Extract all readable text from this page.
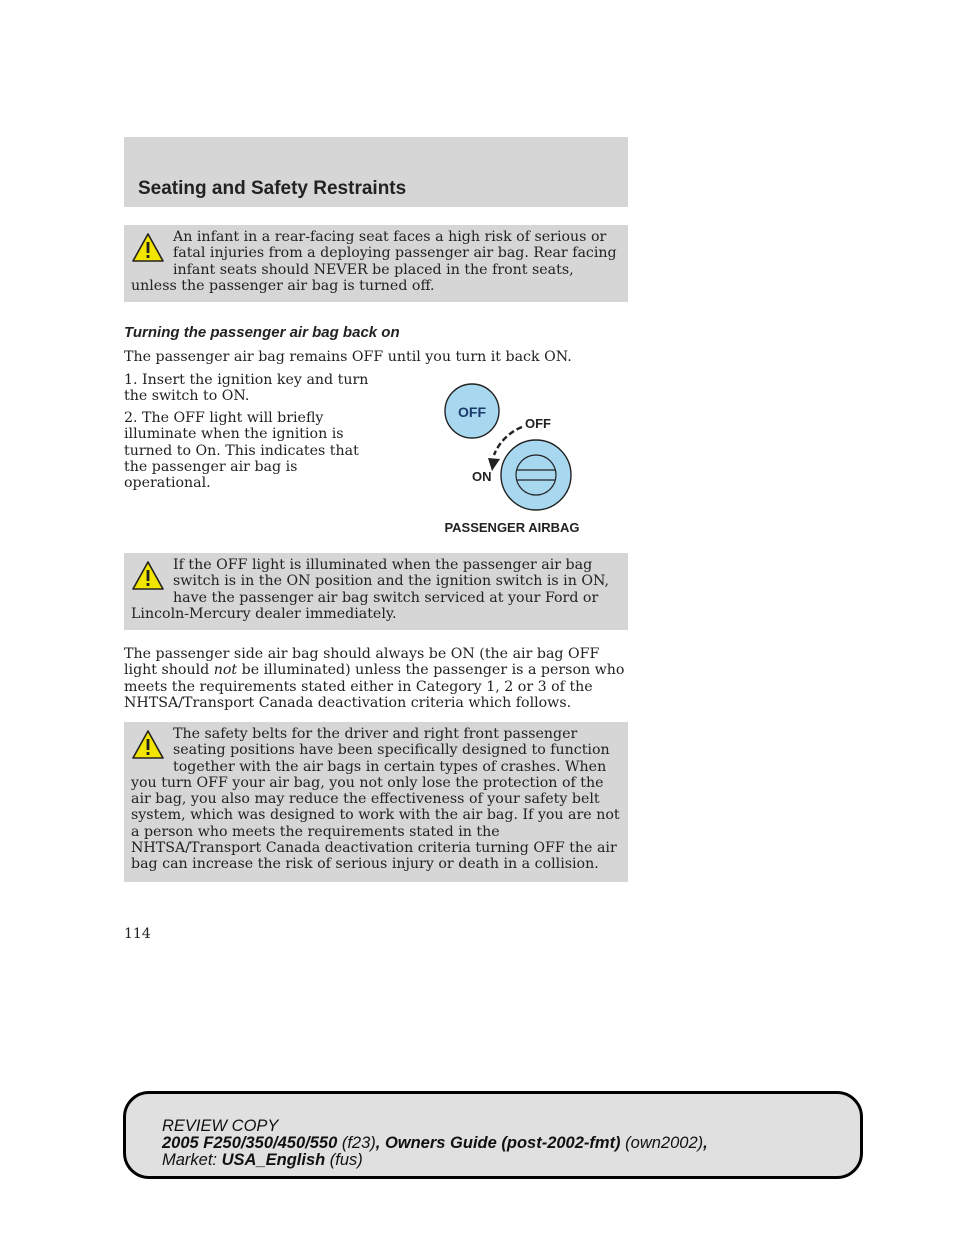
Seating and Safety Restraints
An infant in a rear-facing seat faces a high risk of serious or fatal injuries from a deploying passenger air bag. Rear facing infant seats should NEVER be placed in the front seats, unless the passenger air bag is turned off.
Turning the passenger air bag back on

The passenger air bag remains OFF until you turn it back ON.

1. Insert the ignition key and turn the switch to ON.

2. The OFF light will briefly illuminate when the ignition is turned to On. This indicates that the passenger air bag is operational.

OFF
OFF
ON
PASSENGER AIRBAG
If the OFF light is illuminated when the passenger air bag switch is in the ON position and the ignition switch is in ON, have the passenger air bag switch serviced at your Ford or Lincoln-Mercury dealer immediately.

The passenger side air bag should always be ON (the air bag OFF light should not be illuminated) unless the passenger is a person who meets the requirements stated either in Category 1, 2 or 3 of the NHTSA/Transport Canada deactivation criteria which follows.

The safety belts for the driver and right front passenger seating positions have been specifically designed to function together with the air bags in certain types of crashes. When you turn OFF your air bag, you not only lose the protection of the air bag, you also may reduce the effectiveness of your safety belt system, which was designed to work with the air bag. If you are not a person who meets the requirements stated in the NHTSA/Transport Canada deactivation criteria turning OFF the air bag can increase the risk of serious injury or death in a collision.

114

REVIEW COPY
2005 F250/350/450/550 (f23), Owners Guide (post-2002-fmt) (own2002),
Market: USA_English (fus)
